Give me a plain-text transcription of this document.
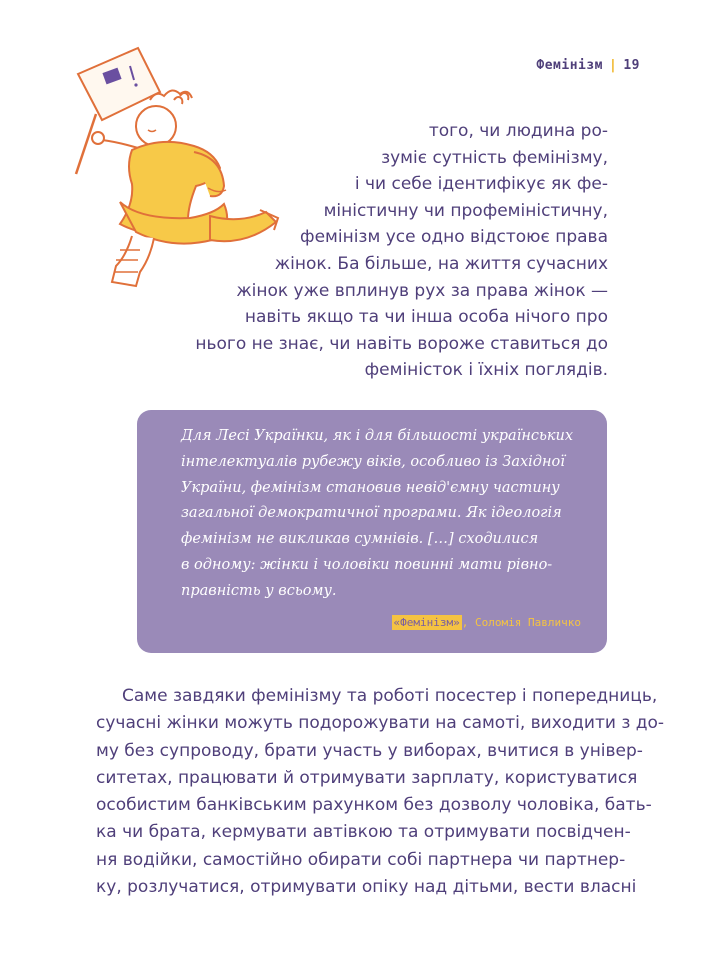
Фемінізм | 19
того, чи людина ро-
зуміє сутність фемінізму,
і чи себе ідентифікує як фе-
міністичну чи профеміністичну,
фемінізм усе одно відстоює права
жінок. Ба більше, на життя сучасних
жінок уже вплинув рух за права жінок —
навіть якщо та чи інша особа нічого про
нього не знає, чи навіть вороже ставиться до
феміністок і їхніх поглядів.
Для Лесі Українки, як і для більшості українських
інтелектуалів рубежу віків, особливо із Західної
України, фемінізм становив невід'ємну частину
загальної демократичної програми. Як ідеологія
фемінізм не викликав сумнівів. […] сходилися
в одному: жінки і чоловіки повинні мати рівно-
правність у всьому.
«Фемінізм» , Соломія Павличко
Саме завдяки фемінізму та роботі посестер і попередниць,
сучасні жінки можуть подорожувати на самоті, виходити з до-
му без супроводу, брати участь у виборах, вчитися в універ-
ситетах, працювати й отримувати зарплату, користуватися
особистим банківським рахунком без дозволу чоловіка, бать-
ка чи брата, кермувати автівкою та отримувати посвідчен-
ня водійки, самостійно обирати собі партнера чи партнер-
ку, розлучатися, отримувати опіку над дітьми, вести власні
